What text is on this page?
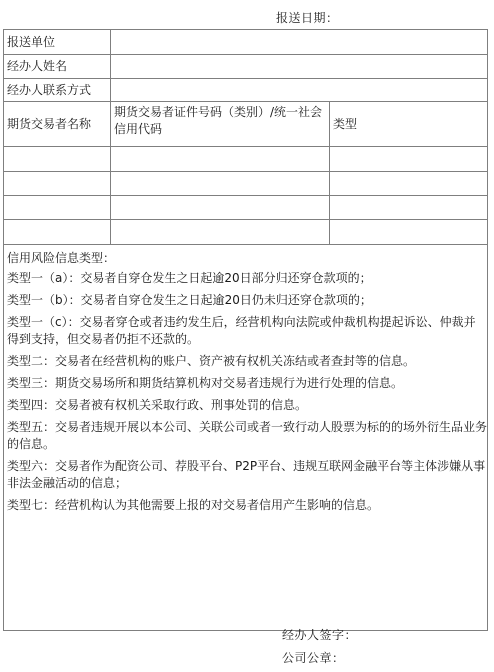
报送日期：
报送单位
经办人姓名
经办人联系方式
期货交易者名称
期货交易者证件号码（类别）/统一社会信用代码	类型

信用风险信息类型：

类型一（a）：交易者自穿仓发生之日起逾20日部分归还穿仓款项的；

类型一（b）：交易者自穿仓发生之日起逾20日仍未归还穿仓款项的；

类型一（c）：交易者穿仓或者违约发生后，经营机构向法院或仲裁机构提起诉讼、仲裁并得到支持，但交易者仍拒不还款的。

类型二：交易者在经营机构的账户、资产被有权机关冻结或者查封等的信息。

类型三：期货交易场所和期货结算机构对交易者违规行为进行处理的信息。

类型四：交易者被有权机关采取行政、刑事处罚的信息。

类型五：交易者违规开展以本公司、关联公司或者一致行动人股票为标的的场外衍生品业务的信息。

类型六：交易者作为配资公司、荐股平台、P2P平台、违规互联网金融平台等主体涉嫌从事非法金融活动的信息；

类型七：经营机构认为其他需要上报的对交易者信用产生影响的信息。

经办人签字：
公司公章：
